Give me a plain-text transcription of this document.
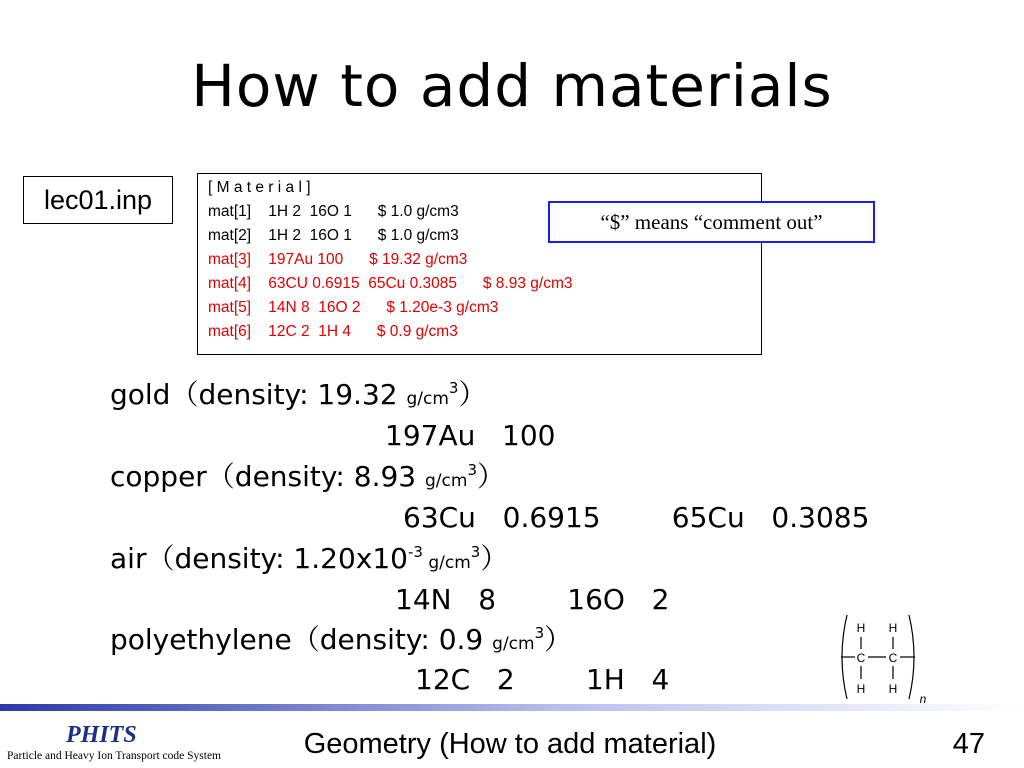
How to add materials
lec01.inp	[ M a t e r i a l ]
mat[1]    1H 2  16O 1      $ 1.0 g/cm3
mat[2]    1H 2  16O 1      $ 1.0 g/cm3
mat[3]    197Au 100      $ 19.32 g/cm3
mat[4]    63CU 0.6915  65Cu 0.3085      $ 8.93 g/cm3
mat[5]    14N 8  16O 2      $ 1.20e-3 g/cm3
mat[6]    12C 2  1H 4      $ 0.9 g/cm3
“$” means “comment out”
gold（density: 19.32 $g/cm^3$）
197Au   100
copper（density: 8.93 $g/cm^3$）
63Cu   0.6915        65Cu   0.3085
air（density: $1.20x10^{-3}$ $g/cm^3$）
14N   8        16O   2
polyethylene（density: 0.9 $g/cm^3$）
12C   2        1H   4
H H
C C
H H
n
PHITS
Particle and Heavy Ion Transport code System	Geometry (How to add material)	47
